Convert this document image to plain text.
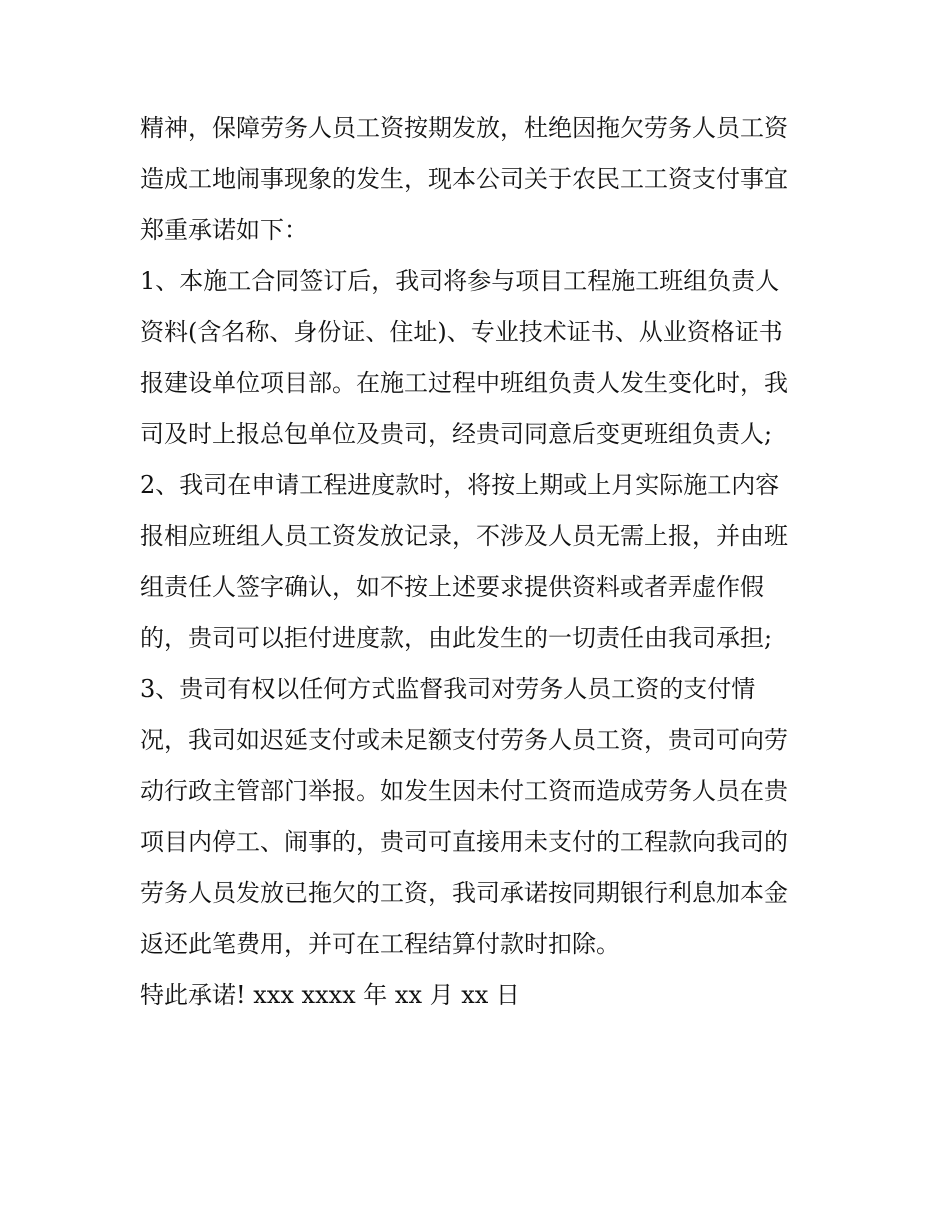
精神，保障劳务人员工资按期发放，杜绝因拖欠劳务人员工资
造成工地闹事现象的发生，现本公司关于农民工工资支付事宜
郑重承诺如下：
1、本施工合同签订后，我司将参与项目工程施工班组负责人
资料(含名称、身份证、住址)、专业技术证书、从业资格证书
报建设单位项目部。在施工过程中班组负责人发生变化时，我
司及时上报总包单位及贵司，经贵司同意后变更班组负责人;
2、我司在申请工程进度款时，将按上期或上月实际施工内容
报相应班组人员工资发放记录，不涉及人员无需上报，并由班
组责任人签字确认，如不按上述要求提供资料或者弄虚作假
的，贵司可以拒付进度款，由此发生的一切责任由我司承担;
3、贵司有权以任何方式监督我司对劳务人员工资的支付情
况，我司如迟延支付或未足额支付劳务人员工资，贵司可向劳
动行政主管部门举报。如发生因未付工资而造成劳务人员在贵
项目内停工、闹事的，贵司可直接用未支付的工程款向我司的
劳务人员发放已拖欠的工资，我司承诺按同期银行利息加本金
返还此笔费用，并可在工程结算付款时扣除。
特此承诺! xxx xxxx 年 xx 月 xx 日
